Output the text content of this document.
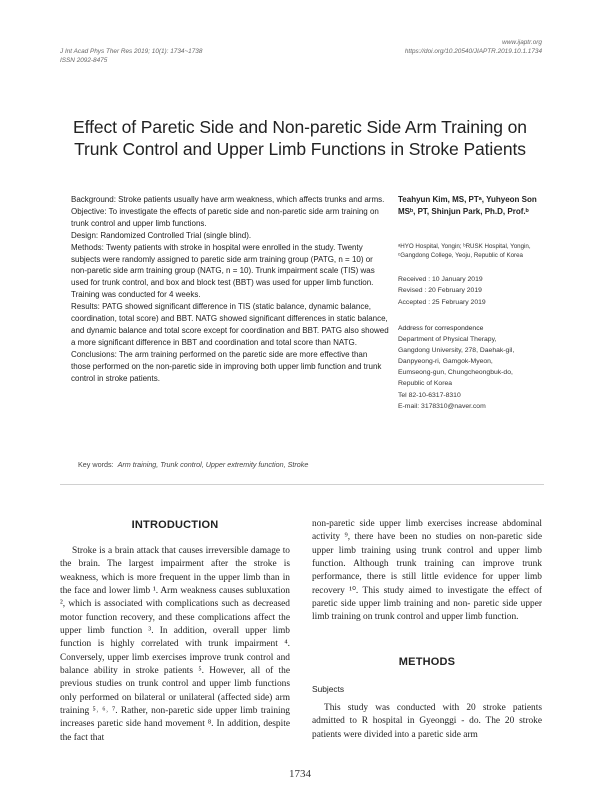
J Int Acad Phys Ther Res 2019; 10(1): 1734~1738
ISSN 2092-8475
www.ijaptr.org
https://doi.org/10.20540/JIAPTR.2019.10.1.1734
Effect of Paretic Side and Non-paretic Side Arm Training on
Trunk Control and Upper Limb Functions in Stroke Patients

Background: Stroke patients usually have arm weakness, which affects trunks and arms.

Objective: To investigate the effects of paretic side and non-paretic side arm training on trunk control and upper limb functions.

Design: Randomized Controlled Trial (single blind).

Methods: Twenty patients with stroke in hospital were enrolled in the study. Twenty subjects were randomly assigned to paretic side arm training group (PATG, n = 10) or non-paretic side arm training group (NATG, n = 10). Trunk impairment scale (TIS) was used for trunk control, and box and block test (BBT) was used for upper limb function. Training was conducted for 4 weeks.

Results: PATG showed significant difference in TIS (static balance, dynamic balance, coordination, total score) and BBT. NATG showed significant differences in static balance, and dynamic balance and total score except for coordination and BBT. PATG also showed a more significant difference in BBT and coordination and total score than NATG.

Conclusions: The arm training performed on the paretic side are more effective than those performed on the non-paretic side in improving both upper limb function and trunk control in stroke patients.

Teahyun Kim, MS, PTᵃ, Yuhyeon Son MSᵇ, PT, Shinjun Park, Ph.D, Prof.ᵇ

ᵃHYO Hospital, Yongin; ᵇRUSK Hospital, Yongin, ᶜGangdong College, Yeoju, Republic of Korea
Received : 10 January 2019
Revised : 20 February 2019
Accepted : 25 February 2019
Address for correspondence
Department of Physical Therapy,
Gangdong University, 278, Daehak-gil,
Danpyeong-ri, Gamgok-Myeon,
Eumseong-gun, Chungcheongbuk-do,
Republic of Korea
Tel 82-10-6317-8310
E-mail: 3178310@naver.com
Key words: Arm training, Trunk control, Upper extremity function, Stroke
INTRODUCTION

Stroke is a brain attack that causes irreversible damage to the brain. The largest impairment after the stroke is weakness, which is more frequent in the upper limb than in the face and lower limb ¹. Arm weakness causes subluxation ², which is associated with complications such as decreased motor function recovery, and these complications affect the upper limb function ³. In addition, overall upper limb function is highly correlated with trunk impairment ⁴. Conversely, upper limb exercises improve trunk control and balance ability in stroke patients ⁵. However, all of the previous studies on trunk control and upper limb functions only performed on bilateral or unilateral (affected side) arm training ⁵˒ ⁶˒ ⁷. Rather, non-paretic side upper limb training increases paretic side hand movement ⁸. In addition, despite the fact that

non-paretic side upper limb exercises increase abdominal activity ⁹, there have been no studies on non-paretic side upper limb training using trunk control and upper limb function. Although trunk training can improve trunk performance, there is still little evidence for upper limb recovery ¹⁰. This study aimed to investigate the effect of paretic side upper limb training and non- paretic side upper limb training on trunk control and upper limb function.

METHODS
Subjects

This study was conducted with 20 stroke patients admitted to R hospital in Gyeonggi - do. The 20 stroke patients were divided into a paretic side arm

1734
